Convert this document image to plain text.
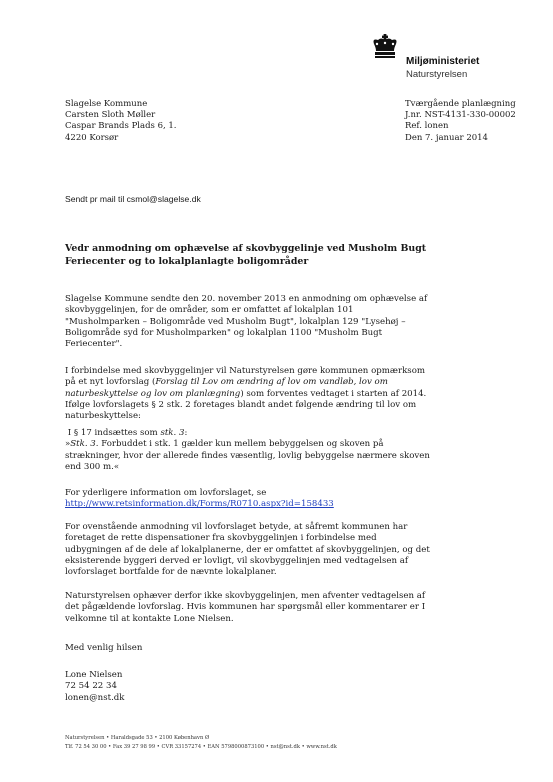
Miljøministeriet
Naturstyrelsen
Slagelse Kommune
Carsten Sloth Møller
Caspar Brands Plads 6, 1.
4220 Korsør
Tværgående planlægning
J.nr. NST-4131-330-00002
Ref. lonen
Den 7. januar 2014
Sendt pr mail til csmol@slagelse.dk
Vedr anmodning om ophævelse af skovbyggelinje ved Musholm Bugt
Feriecenter og to lokalplanlagte boligområder
Slagelse Kommune sendte den 20. november 2013 en anmodning om ophævelse af
skovbyggelinjen, for de områder, som er omfattet af lokalplan 101
"Musholmparken – Boligområde ved Musholm Bugt", lokalplan 129 "Lysehøj –
Boligområde syd for Musholmparken" og lokalplan 1100 "Musholm Bugt
Feriecenter".
I forbindelse med skovbyggelinjer vil Naturstyrelsen gøre kommunen opmærksom
på et nyt lovforslag (Forslag til Lov om ændring af lov om vandløb, lov om
naturbeskyttelse og lov om planlægning) som forventes vedtaget i starten af 2014.
Ifølge lovforslagets § 2 stk. 2 foretages blandt andet følgende ændring til lov om
naturbeskyttelse:
I § 17 indsættes som stk. 3:
»Stk. 3. Forbuddet i stk. 1 gælder kun mellem bebyggelsen og skoven på
strækninger, hvor der allerede findes væsentlig, lovlig bebyggelse nærmere skoven
end 300 m.«
For yderligere information om lovforslaget, se
http://www.retsinformation.dk/Forms/R0710.aspx?id=158433
For ovenstående anmodning vil lovforslaget betyde, at såfremt kommunen har
foretaget de rette dispensationer fra skovbyggelinjen i forbindelse med
udbygningen af de dele af lokalplanerne, der er omfattet af skovbyggelinjen, og det
eksisterende byggeri derved er lovligt, vil skovbyggelinjen med vedtagelsen af
lovforslaget bortfalde for de nævnte lokalplaner.
Naturstyrelsen ophæver derfor ikke skovbyggelinjen, men afventer vedtagelsen af
det pågældende lovforslag. Hvis kommunen har spørgsmål eller kommentarer er I
velkomne til at kontakte Lone Nielsen.
Med venlig hilsen
Lone Nielsen
72 54 22 34
lonen@nst.dk
Naturstyrelsen • Haraldsgade 53 • 2100 København Ø
Tlf. 72 54 30 00 • Fax 39 27 98 99 • CVR 33157274 • EAN 5798000873100 • nst@nst.dk • www.nst.dk
